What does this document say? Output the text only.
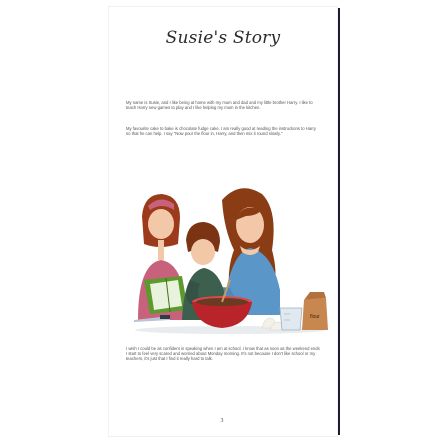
Susie's Story

My name is Susie, and I like being at home with my mum and dad and my little brother Harry. I like to teach Harry new games to play and I like helping my mum in the kitchen.

My favourite cake to bake is chocolate fudge cake. I am really good at reading the instructions to Harry so that he can help. I say "Now pour the flour in, Harry, and then mix it round slowly."

flour

I wish I could be as confident in speaking when I am at school. I know that as soon as the weekend ends I start to feel very scared and worried about Monday morning. It's not because I don't like school or my teachers, it's just that I find it really hard to talk.

3
